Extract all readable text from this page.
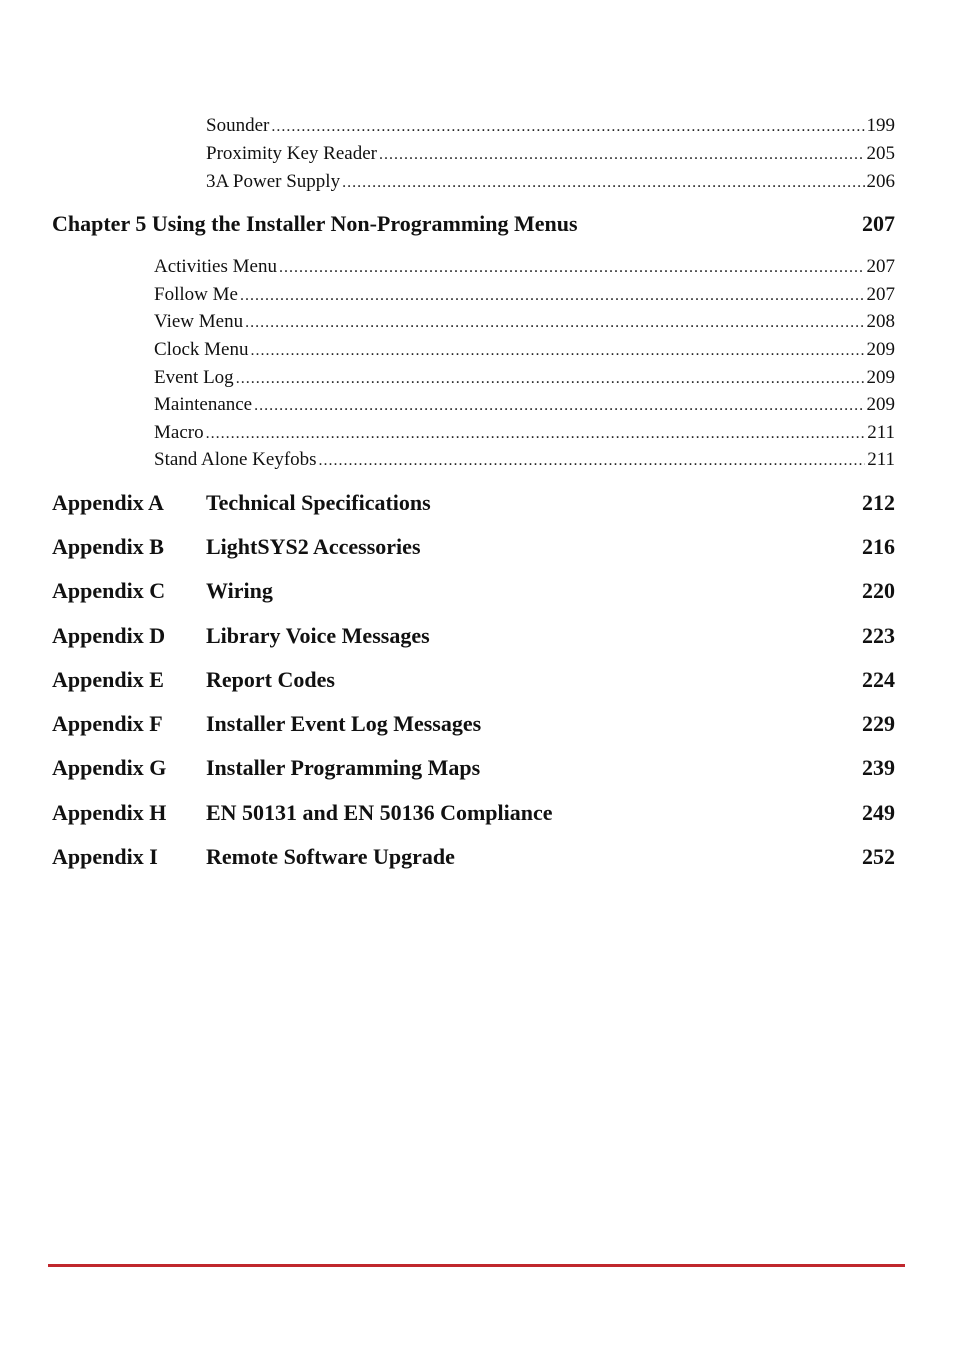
Sounder .....	199
Proximity Key Reader .....	205
3A Power Supply .....	206
Chapter 5 Using the Installer Non-Programming Menus	207
Activities Menu .....	207
Follow Me .....	207
View Menu .....	208
Clock Menu .....	209
Event Log .....	209
Maintenance .....	209
Macro .....	211
Stand Alone Keyfobs .....	211
Appendix A	Technical Specifications	212
Appendix B	LightSYS2 Accessories	216
Appendix C	Wiring	220
Appendix D	Library Voice Messages	223
Appendix E	Report Codes	224
Appendix F	Installer Event Log Messages	229
Appendix G	Installer Programming Maps	239
Appendix H	EN 50131 and EN 50136 Compliance	249
Appendix I	Remote Software Upgrade	252
